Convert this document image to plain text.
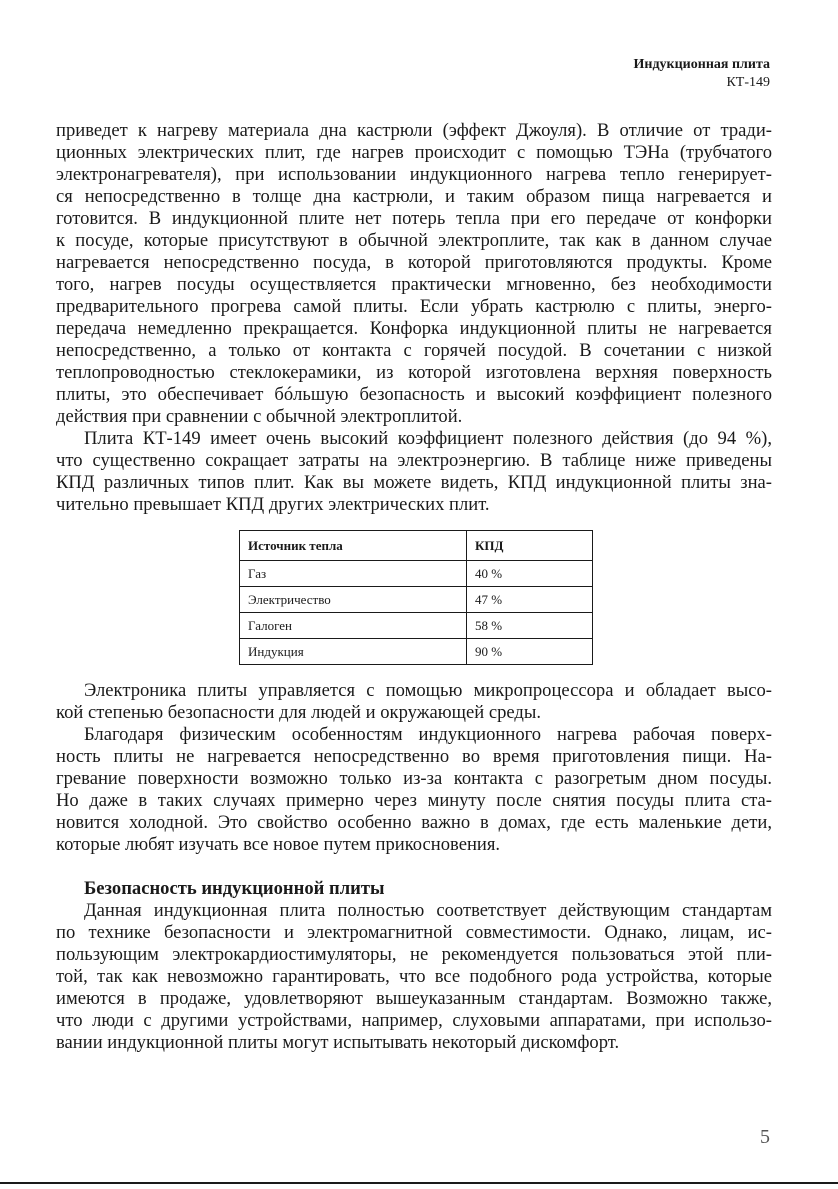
Индукционная плита
КТ-149
приведет к нагреву материала дна кастрюли (эффект Джоуля). В отличие от тради-
ционных электрических плит, где нагрев происходит с помощью ТЭНа (трубчатого
электронагревателя), при использовании индукционного нагрева тепло генерирует-
ся непосредственно в толще дна кастрюли, и таким образом пища нагревается и
готовится. В индукционной плите нет потерь тепла при его передаче от конфорки
к посуде, которые присутствуют в обычной электроплите, так как в данном случае
нагревается непосредственно посуда, в которой приготовляются продукты. Кроме
того, нагрев посуды осуществляется практически мгновенно, без необходимости
предварительного прогрева самой плиты. Если убрать кастрюлю с плиты, энерго-
передача немедленно прекращается. Конфорка индукционной плиты не нагревается
непосредственно, а только от контакта с горячей посудой. В сочетании с низкой
теплопроводностью стеклокерамики, из которой изготовлена верхняя поверхность
плиты, это обеспечивает бóльшую безопасность и высокий коэффициент полезного
действия при сравнении с обычной электроплитой.
Плита КТ-149 имеет очень высокий коэффициент полезного действия (до 94 %),
что существенно сокращает затраты на электроэнергию. В таблице ниже приведены
КПД различных типов плит. Как вы можете видеть, КПД индукционной плиты зна-
чительно превышает КПД других электрических плит.
Источник тепла	КПД
Газ	40 %
Электричество	47 %
Галоген	58 %
Индукция	90 %
Электроника плиты управляется с помощью микропроцессора и обладает высо-
кой степенью безопасности для людей и окружающей среды.
Благодаря физическим особенностям индукционного нагрева рабочая поверх-
ность плиты не нагревается непосредственно во время приготовления пищи. На-
гревание поверхности возможно только из-за контакта с разогретым дном посуды.
Но даже в таких случаях примерно через минуту после снятия посуды плита ста-
новится холодной. Это свойство особенно важно в домах, где есть маленькие дети,
которые любят изучать все новое путем прикосновения.
Безопасность индукционной плиты
Данная индукционная плита полностью соответствует действующим стандартам
по технике безопасности и электромагнитной совместимости. Однако, лицам, ис-
пользующим электрокардиостимуляторы, не рекомендуется пользоваться этой пли-
той, так как невозможно гарантировать, что все подобного рода устройства, которые
имеются в продаже, удовлетворяют вышеуказанным стандартам. Возможно также,
что люди с другими устройствами, например, слуховыми аппаратами, при использо-
вании индукционной плиты могут испытывать некоторый дискомфорт.
5
